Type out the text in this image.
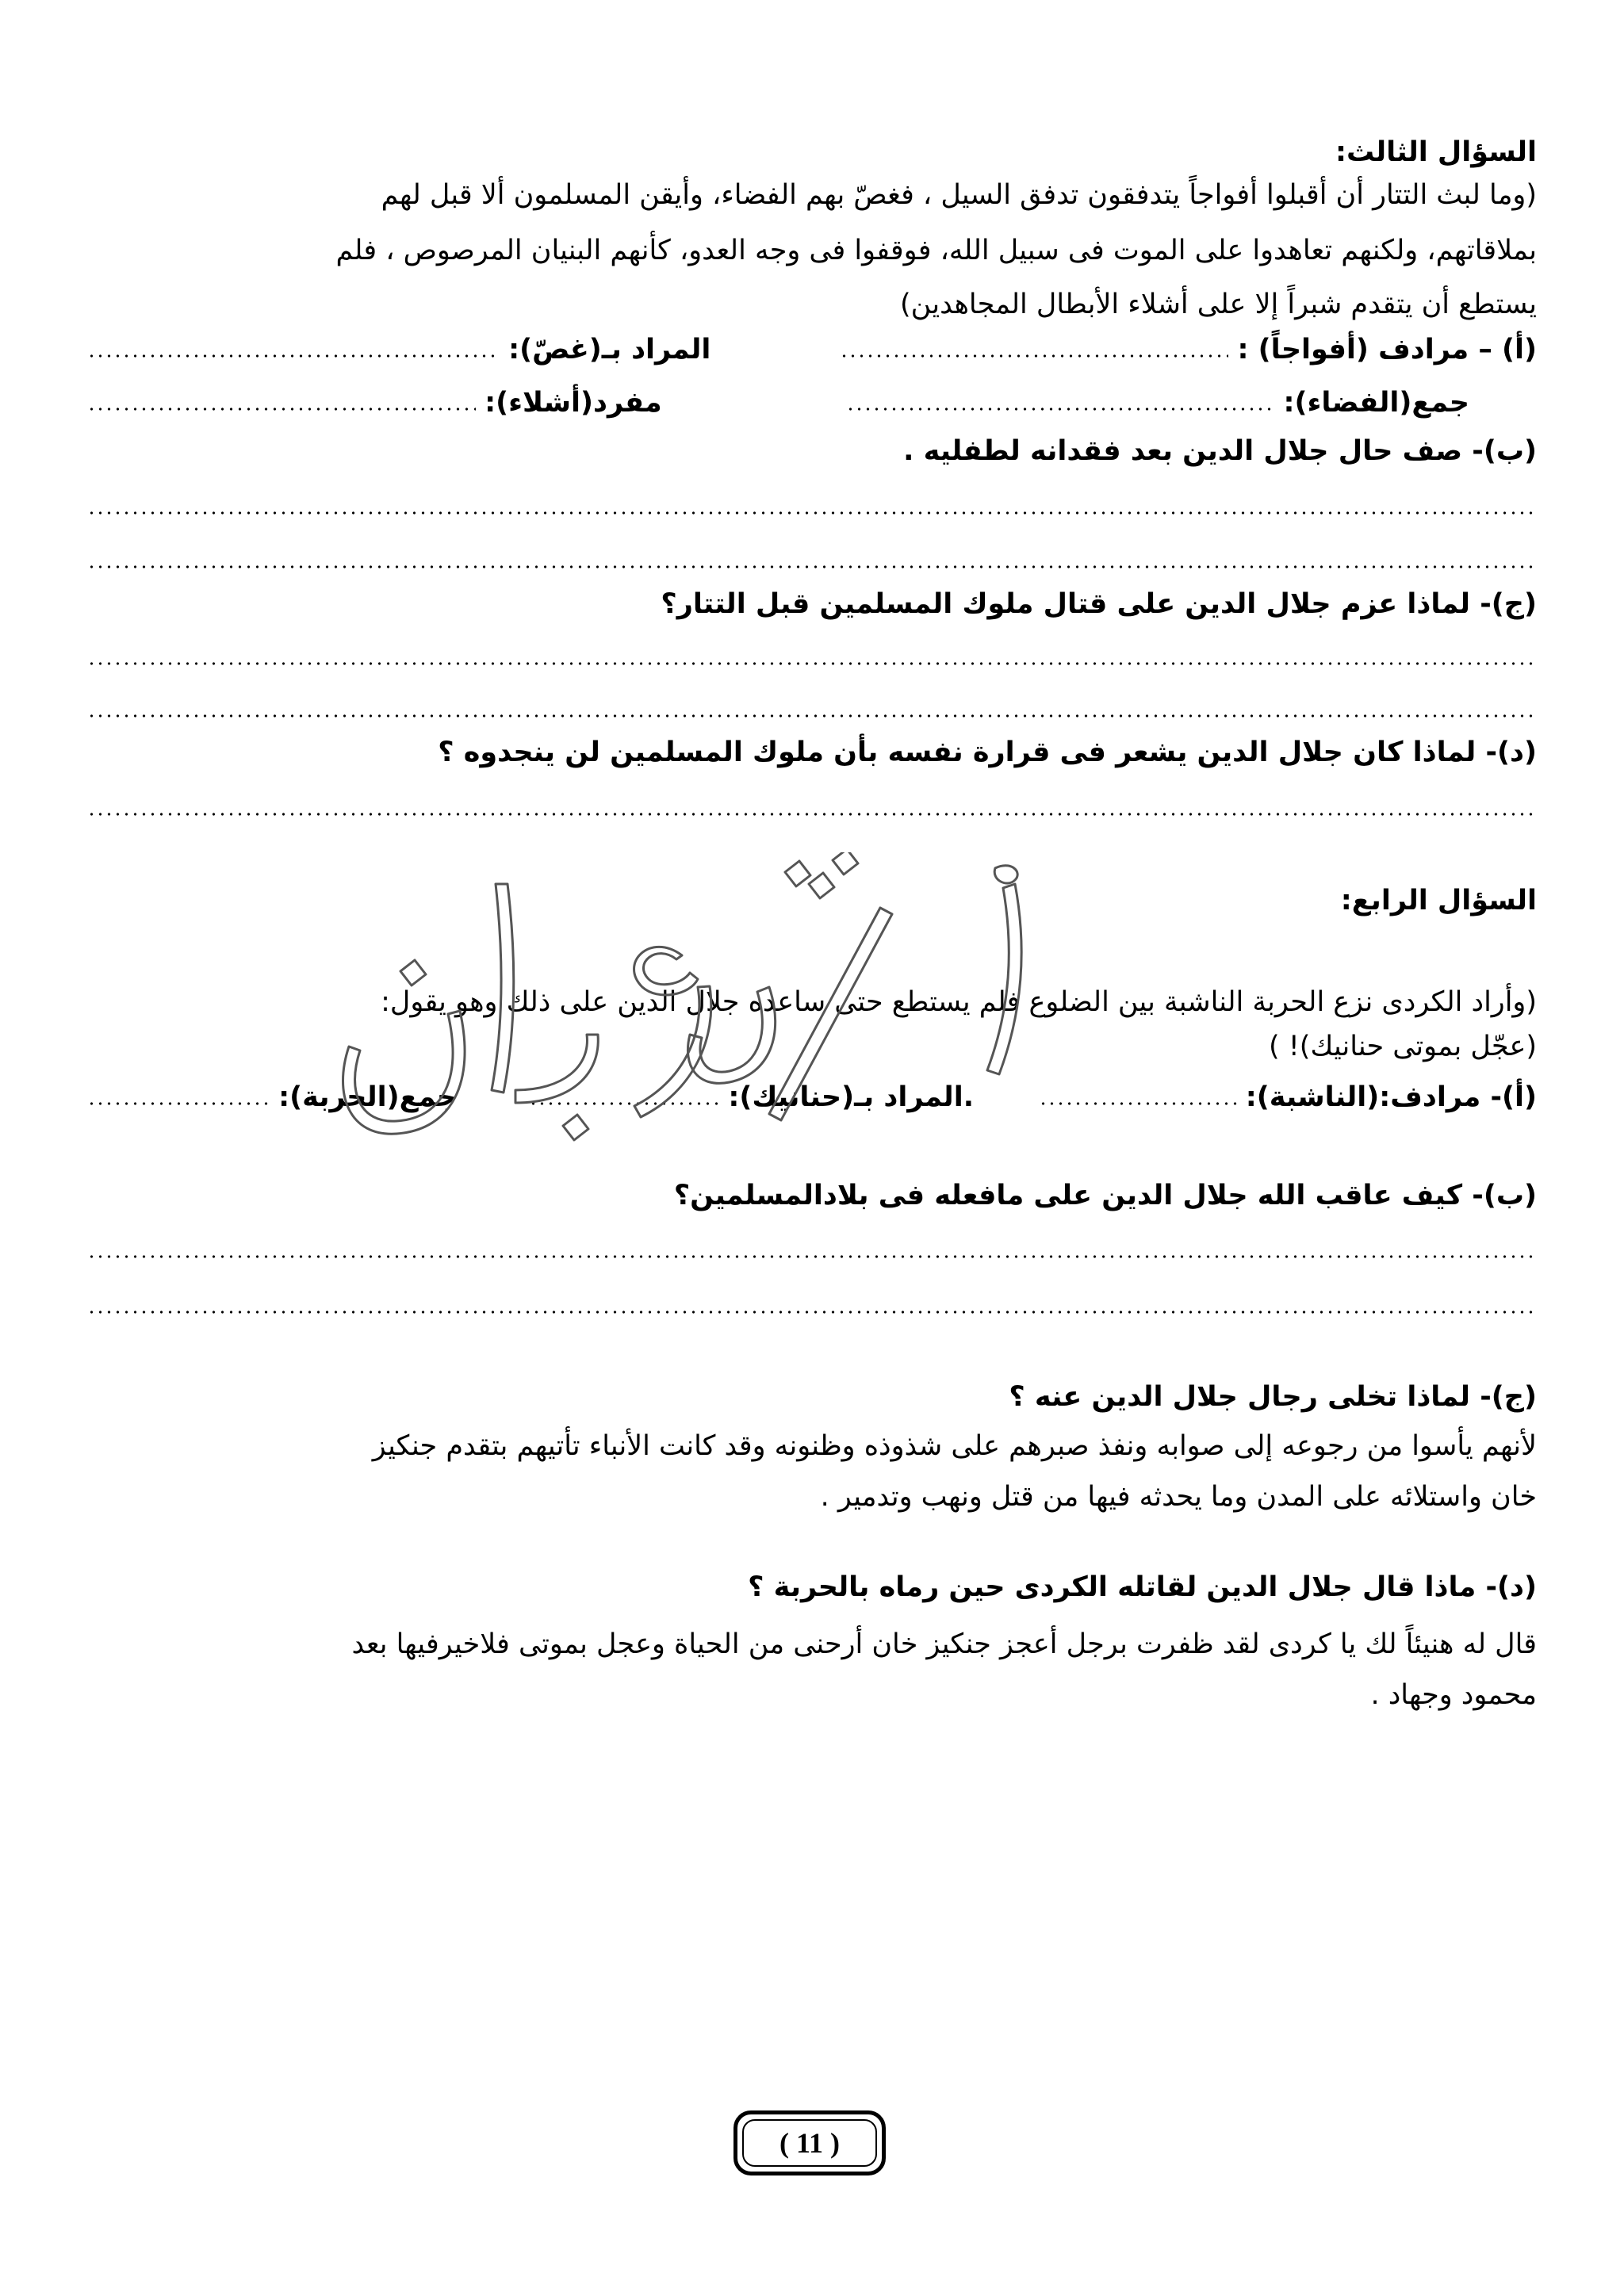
السؤال الثالث:
(وما لبث التتار أن أقبلوا أفواجاً يتدفقون تدفق السيل ، فغصّ بهم الفضاء، وأيقن المسلمون ألا قبل لهم
بملاقاتهم، ولكنهم تعاهدوا على الموت فى سبيل الله، فوقفوا فى وجه العدو، كأنهم البنيان المرصوص ، فلم
يستطع أن يتقدم شبراً إلا على أشلاء الأبطال المجاهدين)
(أ) – مرادف (أفواجاً) :
المراد بـ(غصّ):
جمع(الفضاء):
مفرد(أشلاء):
(ب)- صف حال جلال الدين بعد فقدانه لطفليه .
(ج)- لماذا عزم جلال الدين على قتال ملوك المسلمين قبل التتار؟
(د)- لماذا كان جلال الدين يشعر فى قرارة نفسه بأن ملوك المسلمين لن ينجدوه ؟
السؤال الرابع:
(وأراد الكردى نزع الحربة الناشبة بين الضلوع فلم يستطع حتى ساعده جلال الدين على ذلك وهو يقول:
(عجّل بموتى حنانيك)! )
(أ)- مرادف:(الناشبة):
.المراد بـ(حنانيك):
جمع(الحربة):
(ب)- كيف عاقب الله جلال الدين على مافعله فى بلادالمسلمين؟
(ج)- لماذا تخلى رجال جلال الدين عنه ؟
لأنهم يأسوا من رجوعه إلى صوابه ونفذ صبرهم على شذوذه وظنونه وقد كانت الأنباء تأتيهم بتقدم جنكيز
خان واستلائه على المدن وما يحدثه فيها من قتل ونهب وتدمير .
(د)- ماذا قال جلال الدين لقاتله الكردى حين رماه بالحربة ؟
قال له هنيئاً لك يا كردى لقد ظفرت برجل أعجز جنكيز خان أرحنى من الحياة وعجل بموتى فلاخيرفيها بعد
محمود وجهاد .
( 11 )
